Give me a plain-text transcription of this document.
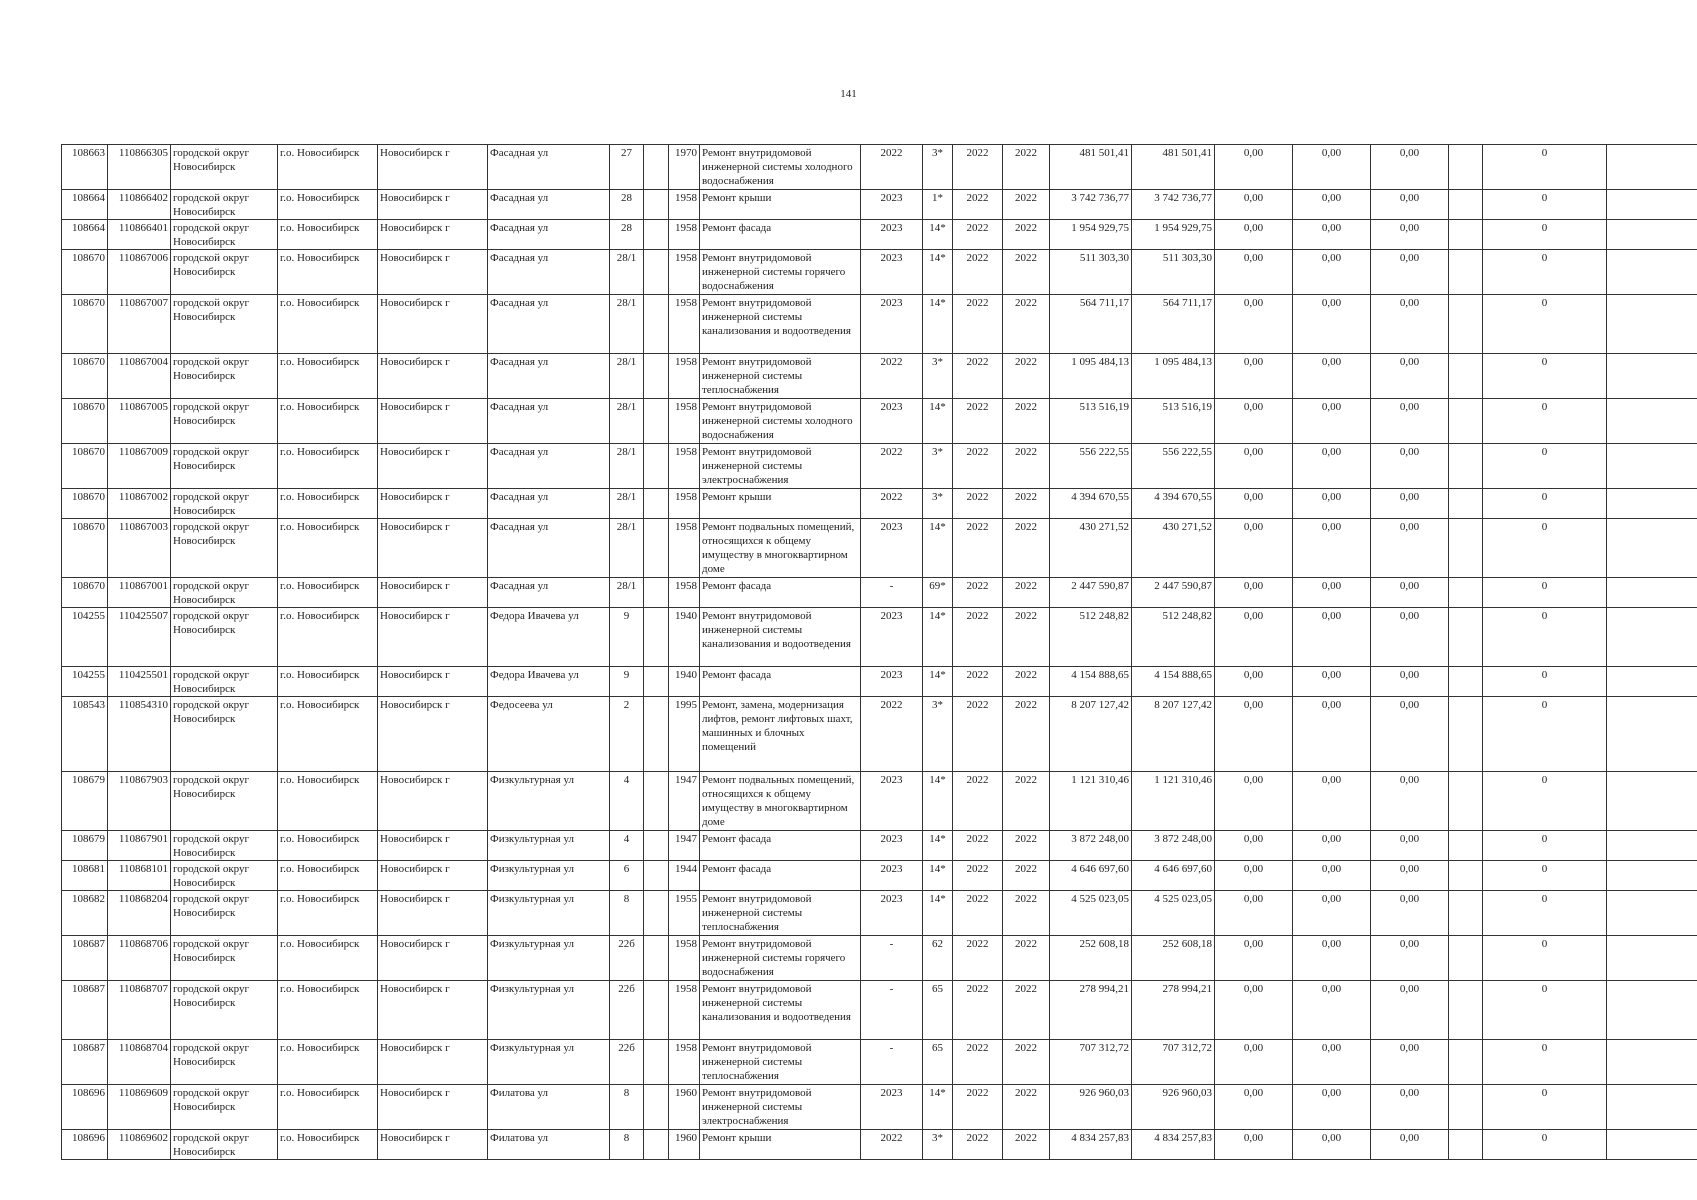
141
108663	110866305	городской округ Новосибирск	г.о. Новосибирск	Новосибирск г	Фасадная ул	27		1970	Ремонт внутридомовой инженерной системы холодного водоснабжения	2022	3*	2022	2022	481 501,41	481 501,41	0,00	0,00	0,00		0	
108664	110866402	городской округ Новосибирск	г.о. Новосибирск	Новосибирск г	Фасадная ул	28		1958	Ремонт крыши	2023	1*	2022	2022	3 742 736,77	3 742 736,77	0,00	0,00	0,00		0	
108664	110866401	городской округ Новосибирск	г.о. Новосибирск	Новосибирск г	Фасадная ул	28		1958	Ремонт фасада	2023	14*	2022	2022	1 954 929,75	1 954 929,75	0,00	0,00	0,00		0	
108670	110867006	городской округ Новосибирск	г.о. Новосибирск	Новосибирск г	Фасадная ул	28/1		1958	Ремонт внутридомовой инженерной системы горячего водоснабжения	2023	14*	2022	2022	511 303,30	511 303,30	0,00	0,00	0,00		0	
108670	110867007	городской округ Новосибирск	г.о. Новосибирск	Новосибирск г	Фасадная ул	28/1		1958	Ремонт внутридомовой инженерной системы канализования и водоотведения	2023	14*	2022	2022	564 711,17	564 711,17	0,00	0,00	0,00		0	
108670	110867004	городской округ Новосибирск	г.о. Новосибирск	Новосибирск г	Фасадная ул	28/1		1958	Ремонт внутридомовой инженерной системы теплоснабжения	2022	3*	2022	2022	1 095 484,13	1 095 484,13	0,00	0,00	0,00		0	
108670	110867005	городской округ Новосибирск	г.о. Новосибирск	Новосибирск г	Фасадная ул	28/1		1958	Ремонт внутридомовой инженерной системы холодного водоснабжения	2023	14*	2022	2022	513 516,19	513 516,19	0,00	0,00	0,00		0	
108670	110867009	городской округ Новосибирск	г.о. Новосибирск	Новосибирск г	Фасадная ул	28/1		1958	Ремонт внутридомовой инженерной системы электроснабжения	2022	3*	2022	2022	556 222,55	556 222,55	0,00	0,00	0,00		0	
108670	110867002	городской округ Новосибирск	г.о. Новосибирск	Новосибирск г	Фасадная ул	28/1		1958	Ремонт крыши	2022	3*	2022	2022	4 394 670,55	4 394 670,55	0,00	0,00	0,00		0	
108670	110867003	городской округ Новосибирск	г.о. Новосибирск	Новосибирск г	Фасадная ул	28/1		1958	Ремонт подвальных помещений, относящихся к общему имуществу в многоквартирном доме	2023	14*	2022	2022	430 271,52	430 271,52	0,00	0,00	0,00		0	
108670	110867001	городской округ Новосибирск	г.о. Новосибирск	Новосибирск г	Фасадная ул	28/1		1958	Ремонт фасада	-	69*	2022	2022	2 447 590,87	2 447 590,87	0,00	0,00	0,00		0	
104255	110425507	городской округ Новосибирск	г.о. Новосибирск	Новосибирск г	Федора Ивачева ул	9		1940	Ремонт внутридомовой инженерной системы канализования и водоотведения	2023	14*	2022	2022	512 248,82	512 248,82	0,00	0,00	0,00		0	
104255	110425501	городской округ Новосибирск	г.о. Новосибирск	Новосибирск г	Федора Ивачева ул	9		1940	Ремонт фасада	2023	14*	2022	2022	4 154 888,65	4 154 888,65	0,00	0,00	0,00		0	
108543	110854310	городской округ Новосибирск	г.о. Новосибирск	Новосибирск г	Федосеева ул	2		1995	Ремонт, замена, модернизация лифтов, ремонт лифтовых шахт, машинных и блочных помещений	2022	3*	2022	2022	8 207 127,42	8 207 127,42	0,00	0,00	0,00		0	
108679	110867903	городской округ Новосибирск	г.о. Новосибирск	Новосибирск г	Физкультурная ул	4		1947	Ремонт подвальных помещений, относящихся к общему имуществу в многоквартирном доме	2023	14*	2022	2022	1 121 310,46	1 121 310,46	0,00	0,00	0,00		0	
108679	110867901	городской округ Новосибирск	г.о. Новосибирск	Новосибирск г	Физкультурная ул	4		1947	Ремонт фасада	2023	14*	2022	2022	3 872 248,00	3 872 248,00	0,00	0,00	0,00		0	
108681	110868101	городской округ Новосибирск	г.о. Новосибирск	Новосибирск г	Физкультурная ул	6		1944	Ремонт фасада	2023	14*	2022	2022	4 646 697,60	4 646 697,60	0,00	0,00	0,00		0	
108682	110868204	городской округ Новосибирск	г.о. Новосибирск	Новосибирск г	Физкультурная ул	8		1955	Ремонт внутридомовой инженерной системы теплоснабжения	2023	14*	2022	2022	4 525 023,05	4 525 023,05	0,00	0,00	0,00		0	
108687	110868706	городской округ Новосибирск	г.о. Новосибирск	Новосибирск г	Физкультурная ул	22б		1958	Ремонт внутридомовой инженерной системы горячего водоснабжения	-	62	2022	2022	252 608,18	252 608,18	0,00	0,00	0,00		0	
108687	110868707	городской округ Новосибирск	г.о. Новосибирск	Новосибирск г	Физкультурная ул	22б		1958	Ремонт внутридомовой инженерной системы канализования и водоотведения	-	65	2022	2022	278 994,21	278 994,21	0,00	0,00	0,00		0	
108687	110868704	городской округ Новосибирск	г.о. Новосибирск	Новосибирск г	Физкультурная ул	22б		1958	Ремонт внутридомовой инженерной системы теплоснабжения	-	65	2022	2022	707 312,72	707 312,72	0,00	0,00	0,00		0	
108696	110869609	городской округ Новосибирск	г.о. Новосибирск	Новосибирск г	Филатова ул	8		1960	Ремонт внутридомовой инженерной системы электроснабжения	2023	14*	2022	2022	926 960,03	926 960,03	0,00	0,00	0,00		0	
108696	110869602	городской округ Новосибирск	г.о. Новосибирск	Новосибирск г	Филатова ул	8		1960	Ремонт крыши	2022	3*	2022	2022	4 834 257,83	4 834 257,83	0,00	0,00	0,00		0	
